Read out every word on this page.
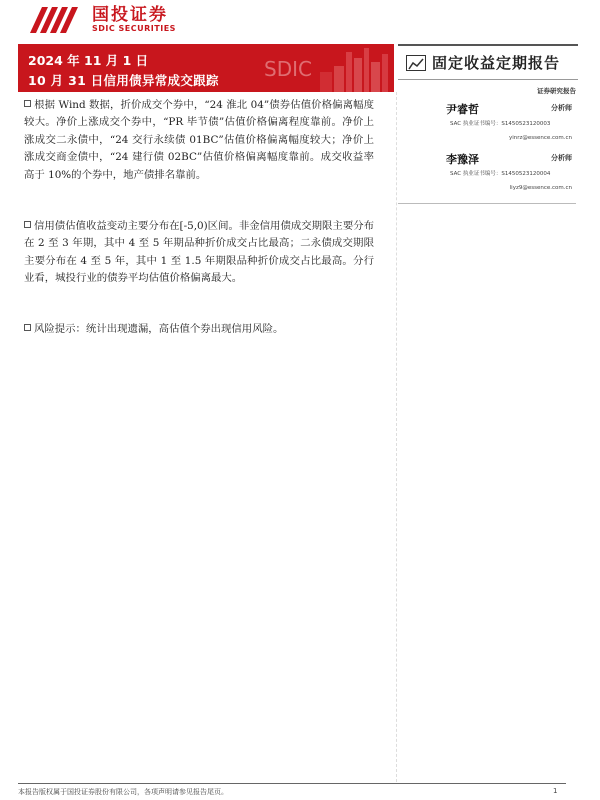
国投证券
SDIC SECURITIES
2024 年 11 月 1 日
10 月 31 日信用债异常成交跟踪 SDIC	固定收益定期报告
证券研究报告
尹睿哲	分析师
SAC 执业证书编号：S1450523120003
yinrz@essence.com.cn
李豫泽	分析师
SAC 执业证书编号：S1450523120004
liyz9@essence.com.cn
根据 Wind 数据，折价成交个券中，“24 淮北 04”债券估值价格偏离幅度较大。净价上涨成交个券中，“PR 毕节债”估值价格偏离程度靠前。净价上涨成交二永债中，“24 交行永续债 01BC”估值价格偏离幅度较大；净价上涨成交商金债中，“24 建行债 02BC”估值价格偏离幅度靠前。成交收益率高于 10%的个券中，地产债排名靠前。
信用债估值收益变动主要分布在[-5,0)区间。非金信用债成交期限主要分布在 2 至 3 年期，其中 4 至 5 年期品种折价成交占比最高；二永债成交期限主要分布在 4 至 5 年，其中 1 至 1.5 年期限品种折价成交占比最高。分行业看，城投行业的债券平均估值价格偏离最大。
风险提示：统计出现遗漏，高估值个券出现信用风险。
本报告版权属于国投证券股份有限公司，各项声明请参见报告尾页。	1
